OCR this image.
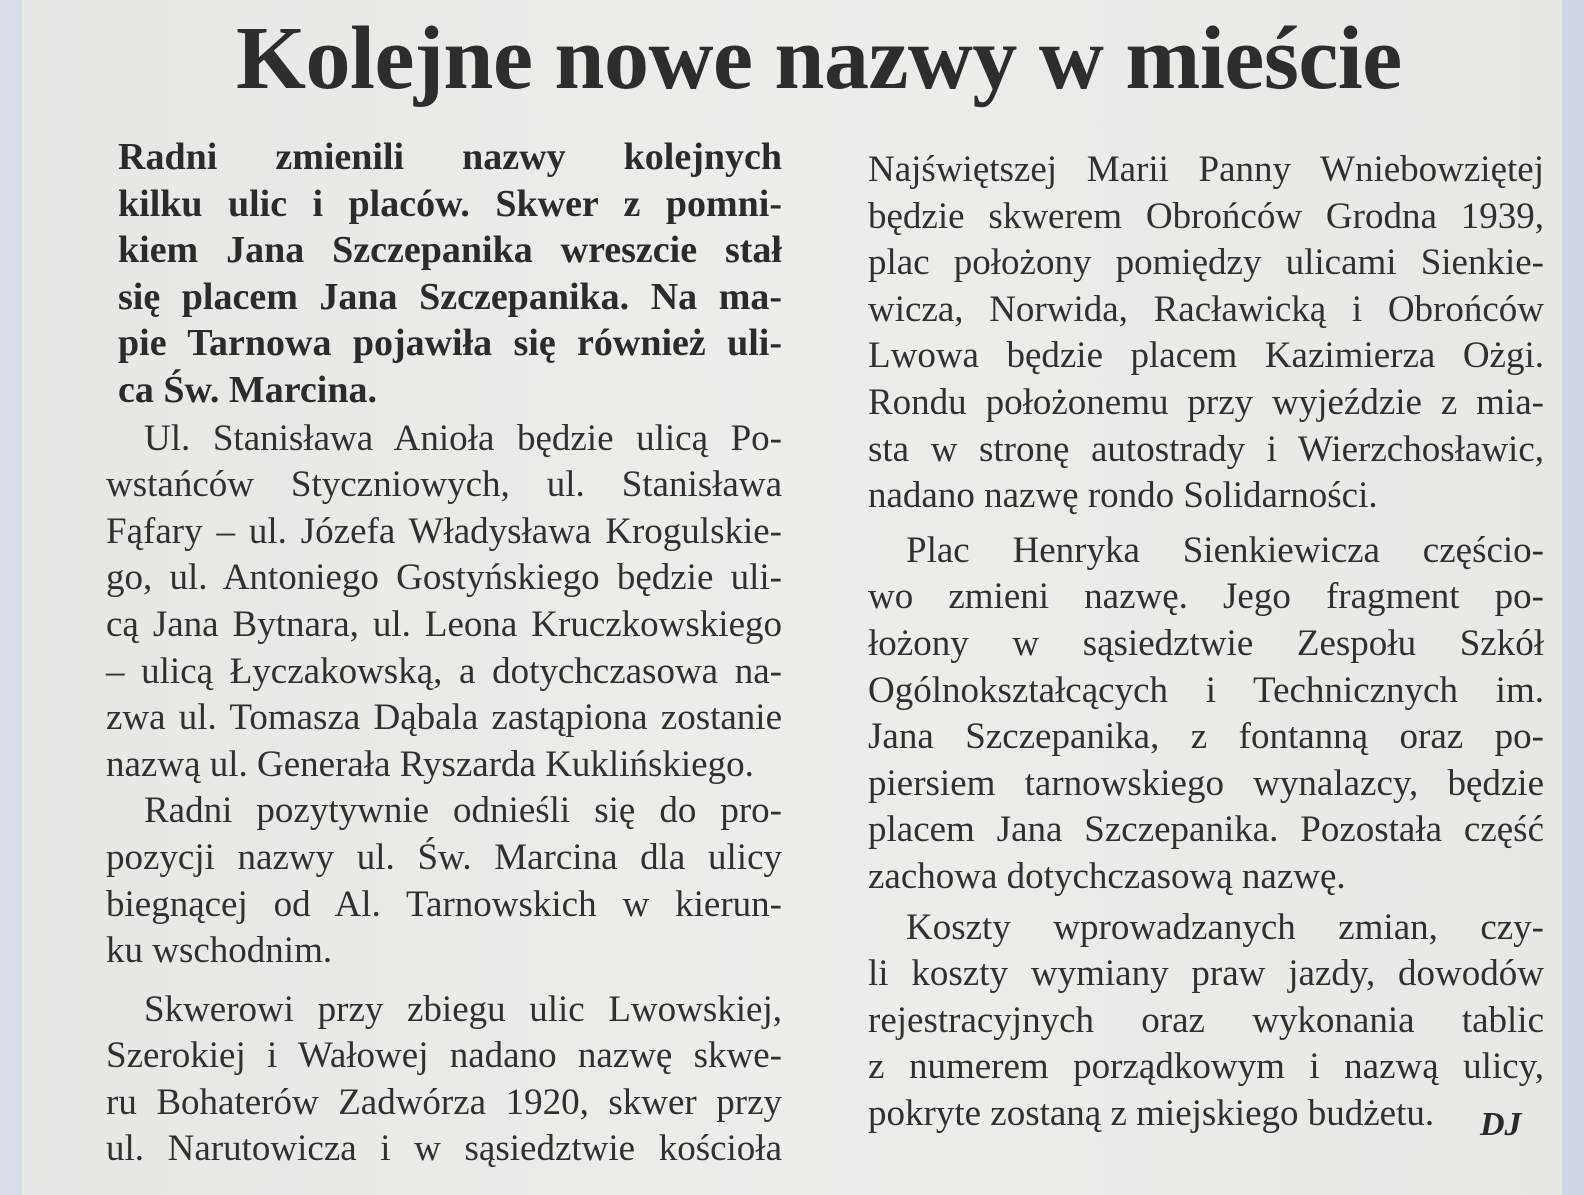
Kolejne nowe nazwy w mieście
Radni zmienili nazwy kolejnych
kilku ulic i placów. Skwer z pomni-
kiem Jana Szczepanika wreszcie stał
się placem Jana Szczepanika. Na ma-
pie Tarnowa pojawiła się również uli-
ca Św. Marcina.
Ul. Stanisława Anioła będzie ulicą Po-
wstańców Styczniowych, ul. Stanisława
Fąfary – ul. Józefa Władysława Krogulskie-
go, ul. Antoniego Gostyńskiego będzie uli-
cą Jana Bytnara, ul. Leona Kruczkowskiego
– ulicą Łyczakowską, a dotychczasowa na-
zwa ul. Tomasza Dąbala zastąpiona zostanie
nazwą ul. Generała Ryszarda Kuklińskiego.
Radni pozytywnie odnieśli się do pro-
pozycji nazwy ul. Św. Marcina dla ulicy
biegnącej od Al. Tarnowskich w kierun-
ku wschodnim.
Skwerowi przy zbiegu ulic Lwowskiej,
Szerokiej i Wałowej nadano nazwę skwe-
ru Bohaterów Zadwórza 1920, skwer przy
ul. Narutowicza i w sąsiedztwie kościoła
Najświętszej Marii Panny Wniebowziętej
będzie skwerem Obrońców Grodna 1939,
plac położony pomiędzy ulicami Sienkie-
wicza, Norwida, Racławicką i Obrońców
Lwowa będzie placem Kazimierza Ożgi.
Rondu położonemu przy wyjeździe z mia-
sta w stronę autostrady i Wierzchosławic,
nadano nazwę rondo Solidarności.
Plac Henryka Sienkiewicza częścio-
wo zmieni nazwę. Jego fragment po-
łożony w sąsiedztwie Zespołu Szkół
Ogólnokształcących i Technicznych im.
Jana Szczepanika, z fontanną oraz po-
piersiem tarnowskiego wynalazcy, będzie
placem Jana Szczepanika. Pozostała część
zachowa dotychczasową nazwę.
Koszty wprowadzanych zmian, czy-
li koszty wymiany praw jazdy, dowodów
rejestracyjnych oraz wykonania tablic
z numerem porządkowym i nazwą ulicy,
pokryte zostaną z miejskiego budżetu.	DJ
